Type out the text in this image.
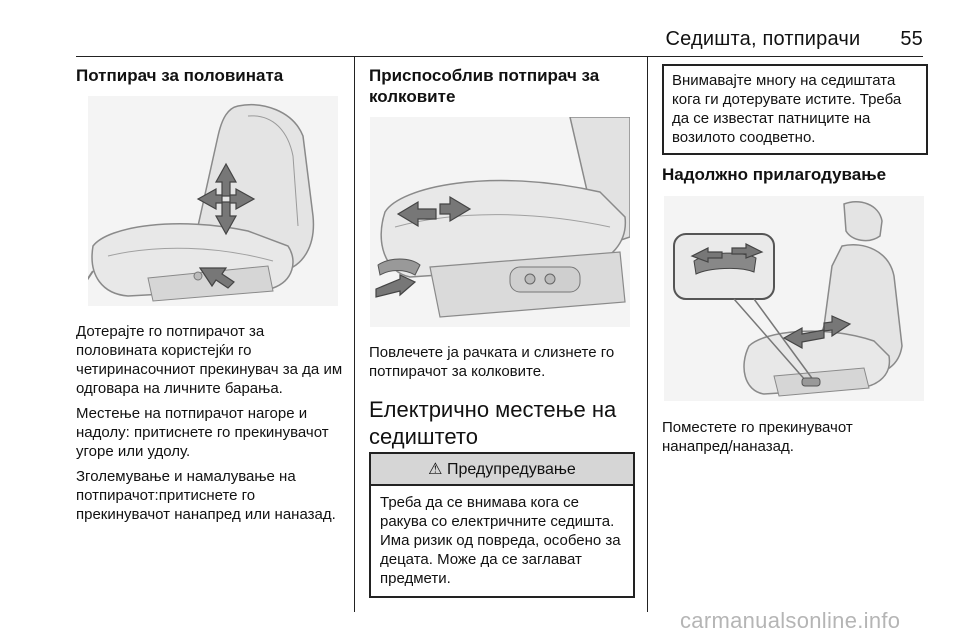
Седишта, потпирачи 55
Потпирач за половината

Дотерајте го потпирачот за половината користејќи го четиринасочниот прекинувач за да им одговара на личните барања.

Местење на потпирачот нагоре и надолу: притиснете го прекинувачот угоре или удолу.

Зголемување и намалување на потпирачот:притиснете го прекинувачот нанапред или наназад.

Приспособлив потпирач за колковите

Повлечете ја рачката и слизнете го потпирачот за колковите.

Електрично местење на седиштето
⚠ Предупредување
Треба да се внимава кога се ракува со електричните седишта. Има ризик од повреда, особено за децата. Може да се заглават предмети.
Внимавајте многу на седиштата кога ги дотерувате истите. Треба да се известат патниците на возилото соодветно.
Надолжно прилагодување

Поместете го прекинувачот нанапред/наназад.

carmanualsonline.info
